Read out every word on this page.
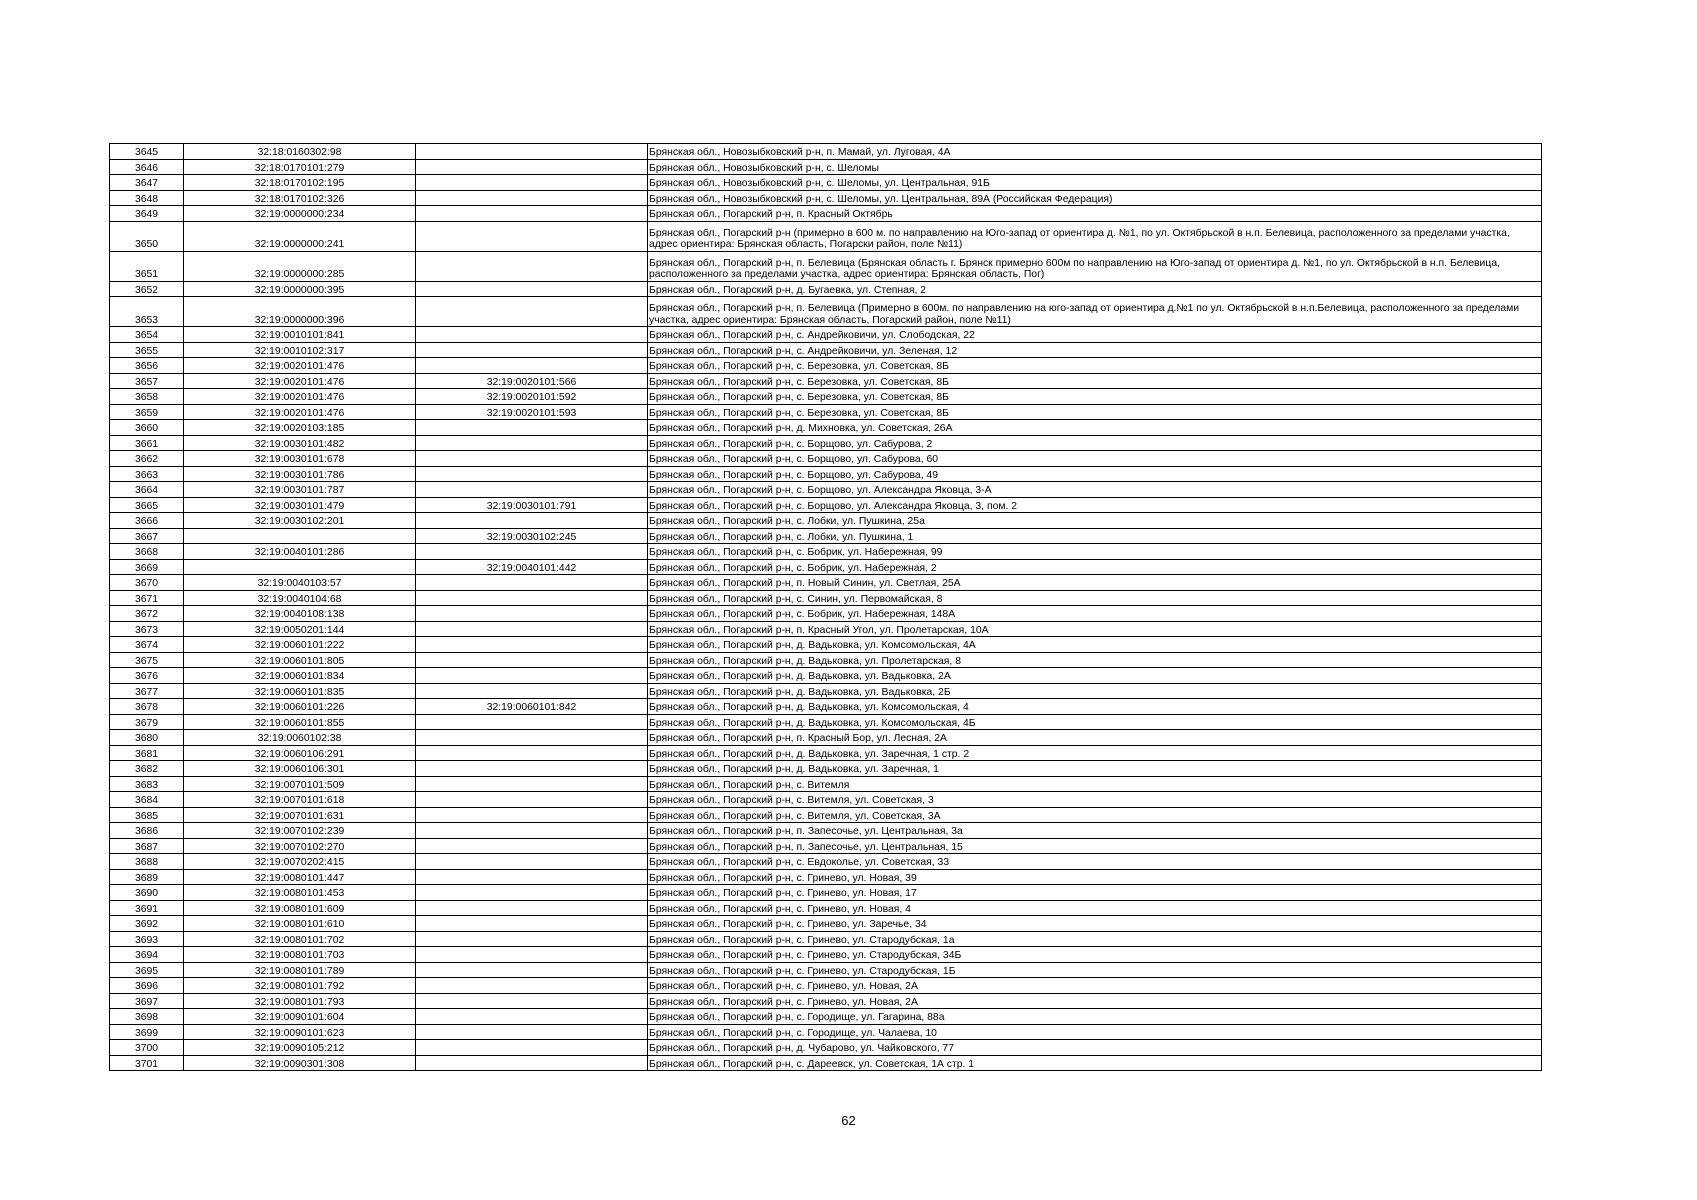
3645	32:18:0160302:98		Брянская обл., Новозыбковский р-н, п. Мамай, ул. Луговая, 4А
3646	32:18:0170101:279		Брянская обл., Новозыбковский р-н, с. Шеломы
3647	32:18:0170102:195		Брянская обл., Новозыбковский р-н, с. Шеломы, ул. Центральная, 91Б
3648	32:18:0170102:326		Брянская обл., Новозыбковский р-н, с. Шеломы, ул. Центральная, 89А (Российская Федерация)
3649	32:19:0000000:234		Брянская обл., Погарский р-н, п. Красный Октябрь
3650	32:19:0000000:241		Брянская обл., Погарский р-н (примерно в 600 м. по направлению на Юго-запад от ориентира д. №1, по ул. Октябрьской в н.п. Белевица, расположенного за пределами участка, адрес ориентира: Брянская область, Погарски район, поле №11)
3651	32:19:0000000:285		Брянская обл., Погарский р-н, п. Белевица (Брянская область г. Брянск примерно 600м по направлению на Юго-запад от ориентира д. №1, по ул. Октябрьской в н.п. Белевица, расположенного за пределами участка, адрес ориентира: Брянская область, Пог)
3652	32:19:0000000:395		Брянская обл., Погарский р-н, д. Бугаевка, ул. Степная, 2
3653	32:19:0000000:396		Брянская обл., Погарский р-н, п. Белевица (Примерно в 600м. по направлению на юго-запад от ориентира д.№1 по ул. Октябрьской в н.п.Белевица, расположенного за пределами участка, адрес ориентира: Брянская область, Погарский район, поле №11)
3654	32:19:0010101:841		Брянская обл., Погарский р-н, с. Андрейковичи, ул. Слободская, 22
3655	32:19:0010102:317		Брянская обл., Погарский р-н, с. Андрейковичи, ул. Зеленая, 12
3656	32:19:0020101:476		Брянская обл., Погарский р-н, с. Березовка, ул. Советская, 8Б
3657	32:19:0020101:476	32:19:0020101:566	Брянская обл., Погарский р-н, с. Березовка, ул. Советская, 8Б
3658	32:19:0020101:476	32:19:0020101:592	Брянская обл., Погарский р-н, с. Березовка, ул. Советская, 8Б
3659	32:19:0020101:476	32:19:0020101:593	Брянская обл., Погарский р-н, с. Березовка, ул. Советская, 8Б
3660	32:19:0020103:185		Брянская обл., Погарский р-н, д. Михновка, ул. Советская, 26А
3661	32:19:0030101:482		Брянская обл., Погарский р-н, с. Борщово, ул. Сабурова, 2
3662	32:19:0030101:678		Брянская обл., Погарский р-н, с. Борщово, ул. Сабурова, 60
3663	32:19:0030101:786		Брянская обл., Погарский р-н, с. Борщово, ул. Сабурова, 49
3664	32:19:0030101:787		Брянская обл., Погарский р-н, с. Борщово, ул. Александра Яковца, 3-А
3665	32:19:0030101:479	32:19:0030101:791	Брянская обл., Погарский р-н, с. Борщово, ул. Александра Яковца, 3, пом. 2
3666	32:19:0030102:201		Брянская обл., Погарский р-н, с. Лобки, ул. Пушкина, 25а
3667		32:19:0030102:245	Брянская обл., Погарский р-н, с. Лобки, ул. Пушкина, 1
3668	32:19:0040101:286		Брянская обл., Погарский р-н, с. Бобрик, ул. Набережная, 99
3669		32:19:0040101:442	Брянская обл., Погарский р-н, с. Бобрик, ул. Набережная, 2
3670	32:19:0040103:57		Брянская обл., Погарский р-н, п. Новый Синин, ул. Светлая, 25А
3671	32:19:0040104:68		Брянская обл., Погарский р-н, с. Синин, ул. Первомайская, 8
3672	32:19:0040108:138		Брянская обл., Погарский р-н, с. Бобрик, ул. Набережная, 148А
3673	32:19:0050201:144		Брянская обл., Погарский р-н, п. Красный Угол, ул. Пролетарская, 10А
3674	32:19:0060101:222		Брянская обл., Погарский р-н, д. Вадьковка, ул. Комсомольская, 4А
3675	32:19:0060101:805		Брянская обл., Погарский р-н, д. Вадьковка, ул. Пролетарская, 8
3676	32:19:0060101:834		Брянская обл., Погарский р-н, д. Вадьковка, ул. Вадьковка, 2А
3677	32:19:0060101:835		Брянская обл., Погарский р-н, д. Вадьковка, ул. Вадьковка, 2Б
3678	32:19:0060101:226	32:19:0060101:842	Брянская обл., Погарский р-н, д. Вадьковка, ул. Комсомольская, 4
3679	32:19:0060101:855		Брянская обл., Погарский р-н, д. Вадьковка, ул. Комсомольская, 4Б
3680	32:19:0060102:38		Брянская обл., Погарский р-н, п. Красный Бор, ул. Лесная, 2А
3681	32:19:0060106:291		Брянская обл., Погарский р-н, д. Вадьковка, ул. Заречная, 1 стр. 2
3682	32:19:0060106:301		Брянская обл., Погарский р-н, д. Вадьковка, ул. Заречная, 1
3683	32:19:0070101:509		Брянская обл., Погарский р-н, с. Витемля
3684	32:19:0070101:618		Брянская обл., Погарский р-н, с. Витемля, ул. Советская, 3
3685	32:19:0070101:631		Брянская обл., Погарский р-н, с. Витемля, ул. Советская, 3А
3686	32:19:0070102:239		Брянская обл., Погарский р-н, п. Запесочье, ул. Центральная, 3а
3687	32:19:0070102:270		Брянская обл., Погарский р-н, п. Запесочье, ул. Центральная, 15
3688	32:19:0070202:415		Брянская обл., Погарский р-н, с. Евдоколье, ул. Советская, 33
3689	32:19:0080101:447		Брянская обл., Погарский р-н, с. Гринево, ул. Новая, 39
3690	32:19:0080101:453		Брянская обл., Погарский р-н, с. Гринево, ул. Новая, 17
3691	32:19:0080101:609		Брянская обл., Погарский р-н, с. Гринево, ул. Новая, 4
3692	32:19:0080101:610		Брянская обл., Погарский р-н, с. Гринево, ул. Заречье, 34
3693	32:19:0080101:702		Брянская обл., Погарский р-н, с. Гринево, ул. Стародубская, 1а
3694	32:19:0080101:703		Брянская обл., Погарский р-н, с. Гринево, ул. Стародубская, 34Б
3695	32:19:0080101:789		Брянская обл., Погарский р-н, с. Гринево, ул. Стародубская, 1Б
3696	32:19:0080101:792		Брянская обл., Погарский р-н, с. Гринево, ул. Новая, 2А
3697	32:19:0080101:793		Брянская обл., Погарский р-н, с. Гринево, ул. Новая, 2А
3698	32:19:0090101:604		Брянская обл., Погарский р-н, с. Городище, ул. Гагарина, 88а
3699	32:19:0090101:623		Брянская обл., Погарский р-н, с. Городище, ул. Чалаева, 10
3700	32:19:0090105:212		Брянская обл., Погарский р-н, д. Чубарово, ул. Чайковского, 77
3701	32:19:0090301:308		Брянская обл., Погарский р-н, с. Дареевск, ул. Советская, 1А стр. 1
62
